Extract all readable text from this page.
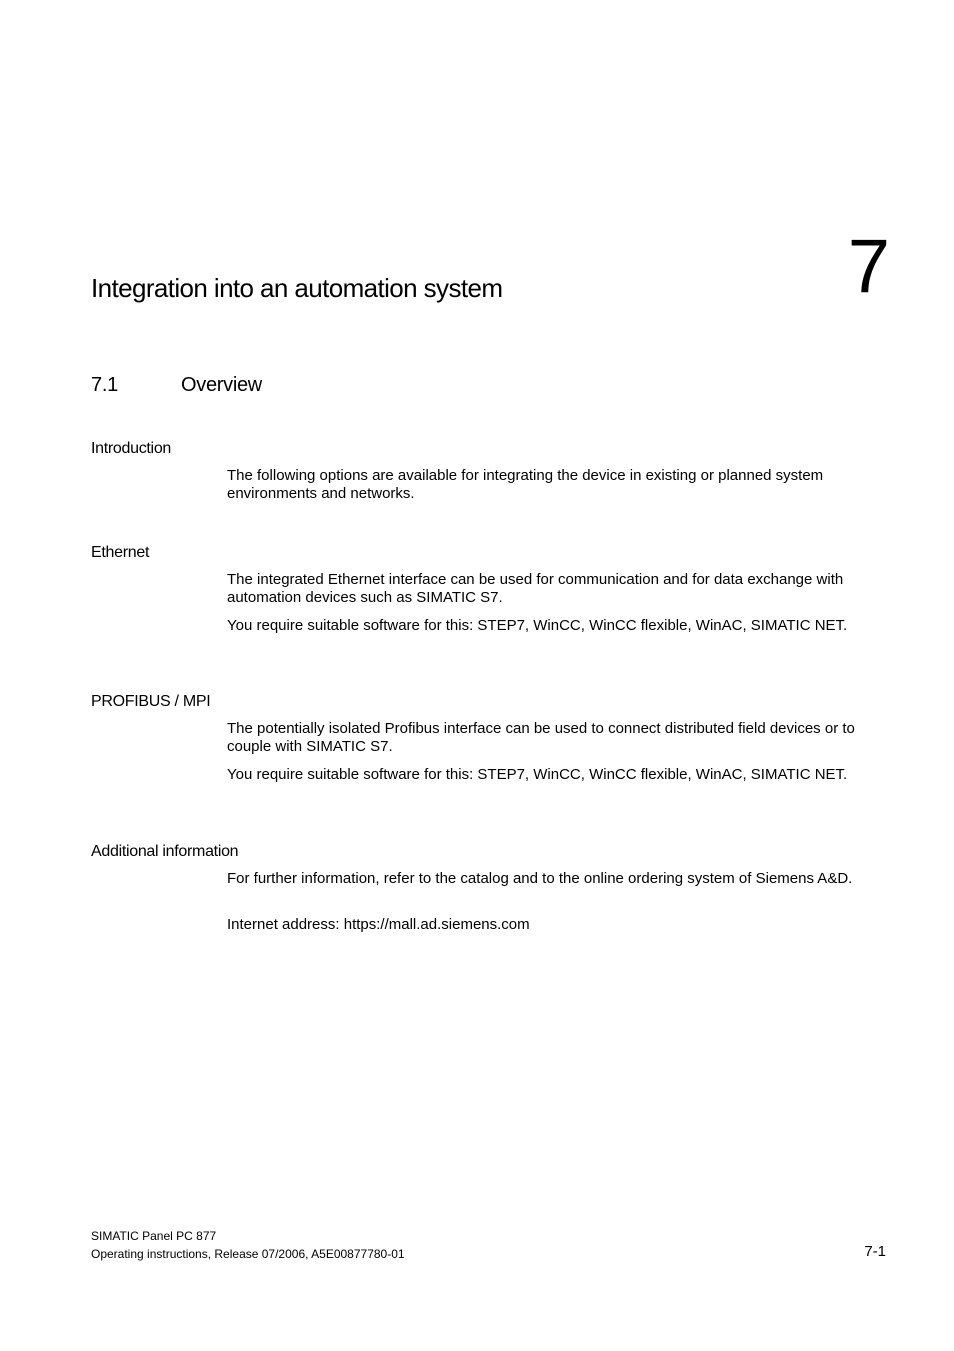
Integration into an automation system	7
7.1	Overview
Introduction

The following options are available for integrating the device in existing or planned system environments and networks.

Ethernet

The integrated Ethernet interface can be used for communication and for data exchange with automation devices such as SIMATIC S7.

You require suitable software for this: STEP7, WinCC, WinCC flexible, WinAC, SIMATIC NET.

PROFIBUS / MPI

The potentially isolated Profibus interface can be used to connect distributed field devices or to couple with SIMATIC S7.

You require suitable software for this: STEP7, WinCC, WinCC flexible, WinAC, SIMATIC NET.

Additional information

For further information, refer to the catalog and to the online ordering system of Siemens A&D.

Internet address: https://mall.ad.siemens.com

SIMATIC Panel PC 877
Operating instructions, Release 07/2006, A5E00877780-01	7-1
